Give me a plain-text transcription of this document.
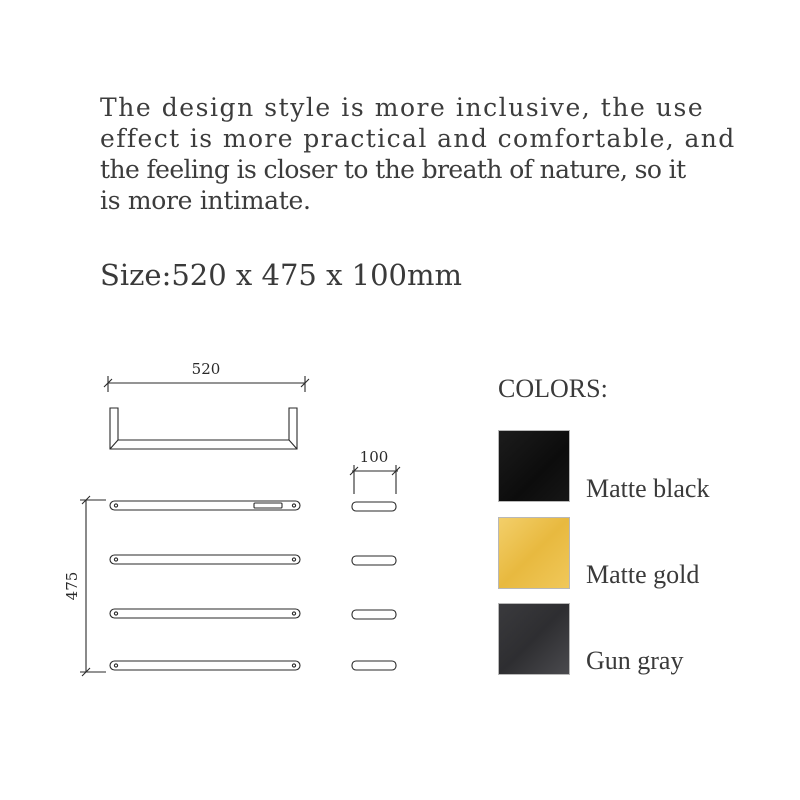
The design style is more inclusive, the use
effect is more practical and comfortable, and
the feeling is closer to the breath of nature, so it
is more intimate.

Size:520 x 475 x 100mm
520
100
475
COLORS:
Matte black
Matte gold
Gun gray
